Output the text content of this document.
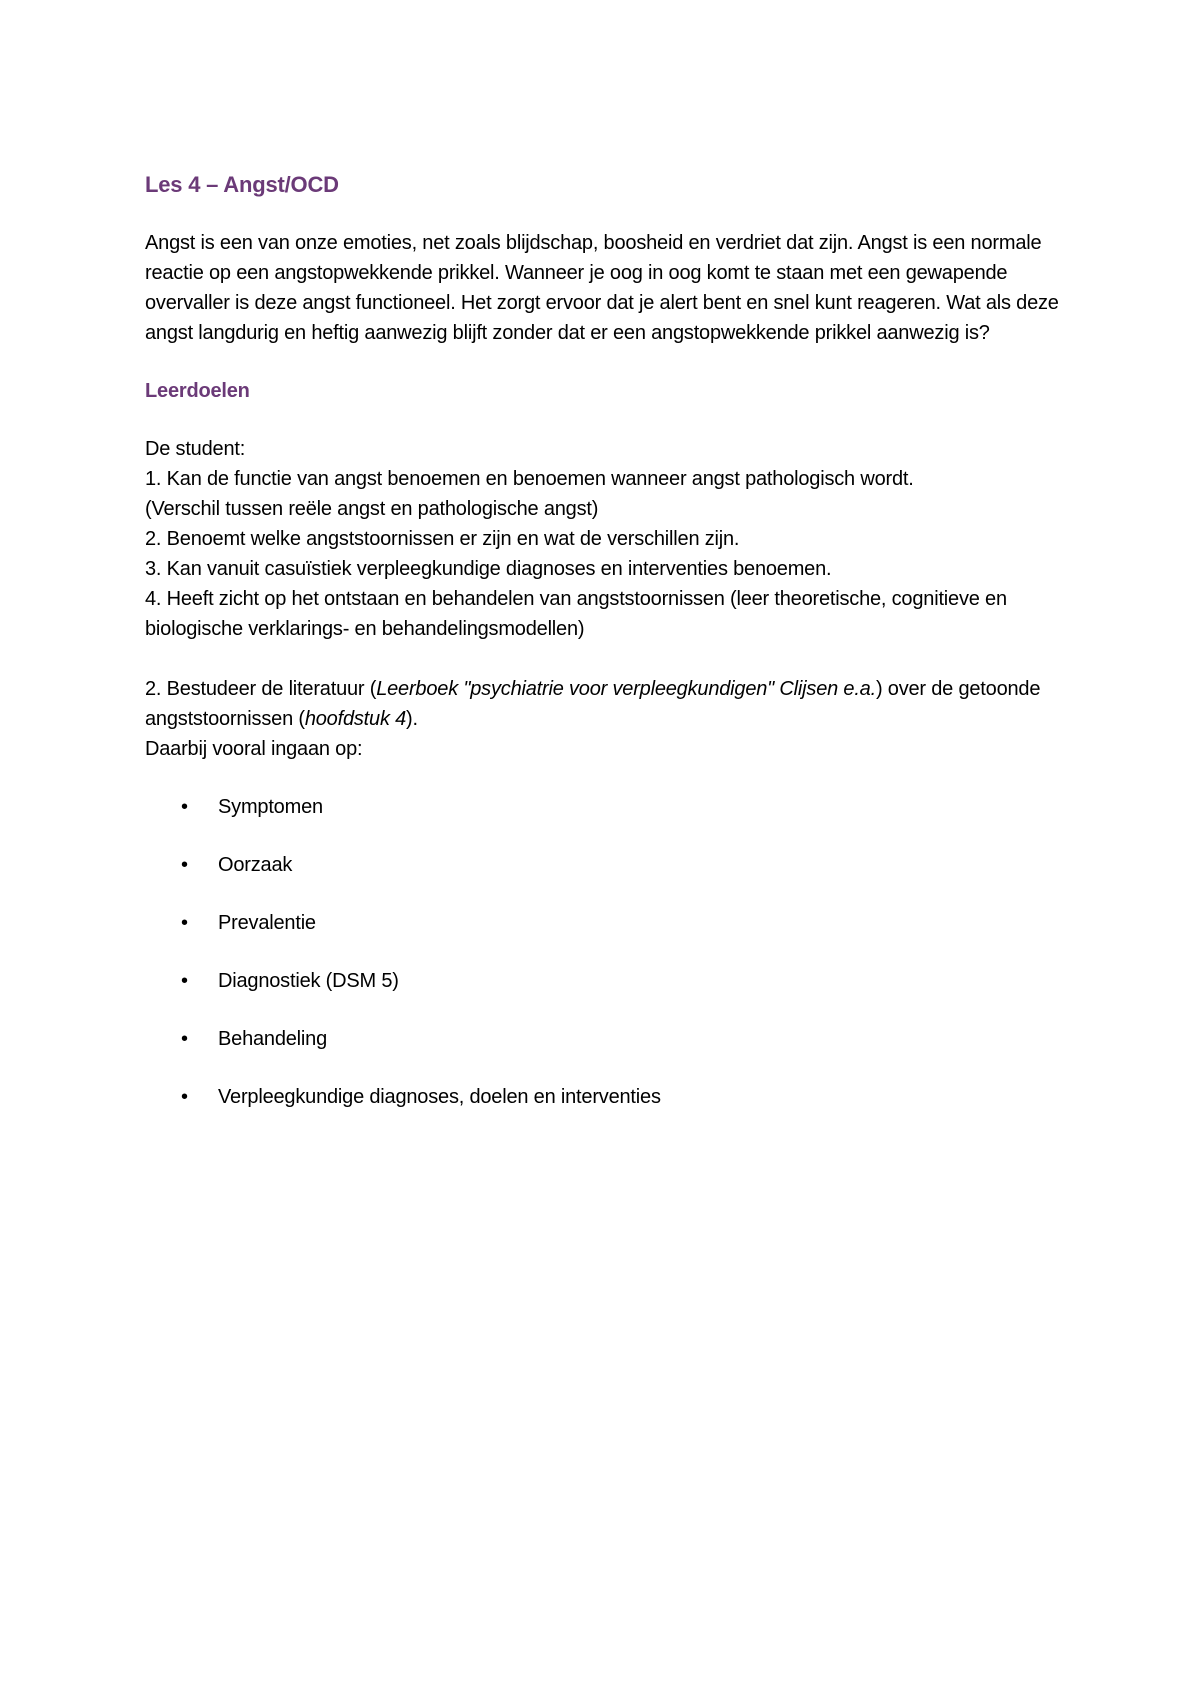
Les 4 – Angst/OCD

Angst is een van onze emoties, net zoals blijdschap, boosheid en verdriet dat zijn. Angst is een normale reactie op een angstopwekkende prikkel. Wanneer je oog in oog komt te staan met een gewapende overvaller is deze angst functioneel. Het zorgt ervoor dat je alert bent en snel kunt reageren. Wat als deze angst langdurig en heftig aanwezig blijft zonder dat er een angstopwekkende prikkel aanwezig is?

Leerdoelen
De student:
1. Kan de functie van angst benoemen en benoemen wanneer angst pathologisch wordt.
(Verschil tussen reële angst en pathologische angst)
2. Benoemt welke angststoornissen er zijn en wat de verschillen zijn.
3. Kan vanuit casuïstiek verpleegkundige diagnoses en interventies benoemen.
4. Heeft zicht op het ontstaan en behandelen van angststoornissen (leer theoretische, cognitieve en biologische verklarings- en behandelingsmodellen)

2. Bestudeer de literatuur (Leerboek "psychiatrie voor verpleegkundigen" Clijsen e.a.) over de getoonde angststoornissen (hoofdstuk 4).
Daarbij vooral ingaan op:

• Symptomen
• Oorzaak
• Prevalentie
• Diagnostiek (DSM 5)
• Behandeling
• Verpleegkundige diagnoses, doelen en interventies
